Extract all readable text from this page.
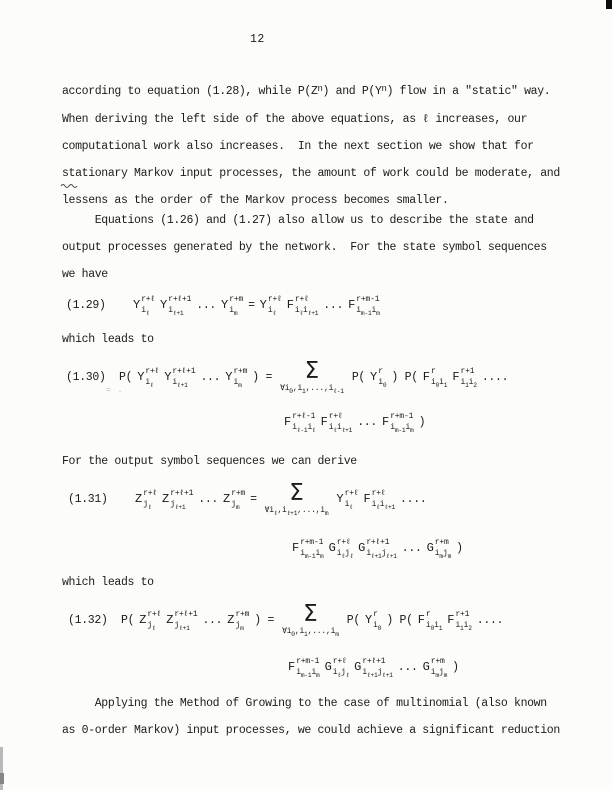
12
according to equation (1.28), while $P(Z^n)$ and $P(Y^n)$ flow in a "static" way.
When deriving the left side of the above equations, as ℓ increases, our
computational work also increases.  In the next section we show that for
stationary Markov input processes, the amount of work could be moderate, and
lessens as the order of the Markov process becomes smaller.
Equations (1.26) and (1.27) also allow us to describe the state and
output processes generated by the network.  For the state symbol sequences
we have
(1.29)	Y r+ℓ
$i_\ell$
Y r+ℓ+1
$i_{\ell+1}$
... Y r+m
$i_m$
= Y r+ℓ
$i_\ell$
F r+ℓ
$i_\ell i_{\ell+1}$
... F r+m-1
$i_{m-1}i_m$
which leads to
(1.30)	P( Y r+ℓ
$i_\ell$
Y r+ℓ+1
$i_{\ell+1}$
... Y r+m
$i_m$
) = Σ
$\forall i_0,i_1,...,i_{\ell-1}$
P( Y r
$i_0$
) P( F r
$i_0i_1$
F r+1
$i_1i_2$
....
F r+ℓ-1
$i_{\ell-1}i_\ell$
F r+ℓ
$i_\ell i_{\ell+1}$
... F r+m-1
$i_{m-1}i_m$
)
For the output symbol sequences we can derive
(1.31)	Z r+ℓ
$j_\ell$
Z r+ℓ+1
$j_{\ell+1}$
... Z r+m
$j_m$
= Σ
$\forall i_\ell,i_{\ell+1},...,i_m$
Y r+ℓ
$i_\ell$
F r+ℓ
$i_\ell i_{\ell+1}$
....
F r+m-1
$i_{m-1}i_m$
G r+ℓ
$i_\ell j_\ell$
G r+ℓ+1
$i_{\ell+1}j_{\ell+1}$
... G r+m
$i_mj_m$
)
which leads to
(1.32)	P( Z r+ℓ
$j_\ell$
Z r+ℓ+1
$j_{\ell+1}$
... Z r+m
$j_m$
) = Σ
$\forall i_0,i_1,...,i_m$
P( Y r
$i_0$
) P( F r
$i_0i_1$
F r+1
$i_1i_2$
....
F r+m-1
$i_{m-1}i_m$
G r+ℓ
$i_\ell j_\ell$
G r+ℓ+1
$i_{\ell+1}j_{\ell+1}$
... G r+m
$i_mj_m$
)
Applying the Method of Growing to the case of multinomial (also known
as 0-order Markov) input processes, we could achieve a significant reduction
= .
